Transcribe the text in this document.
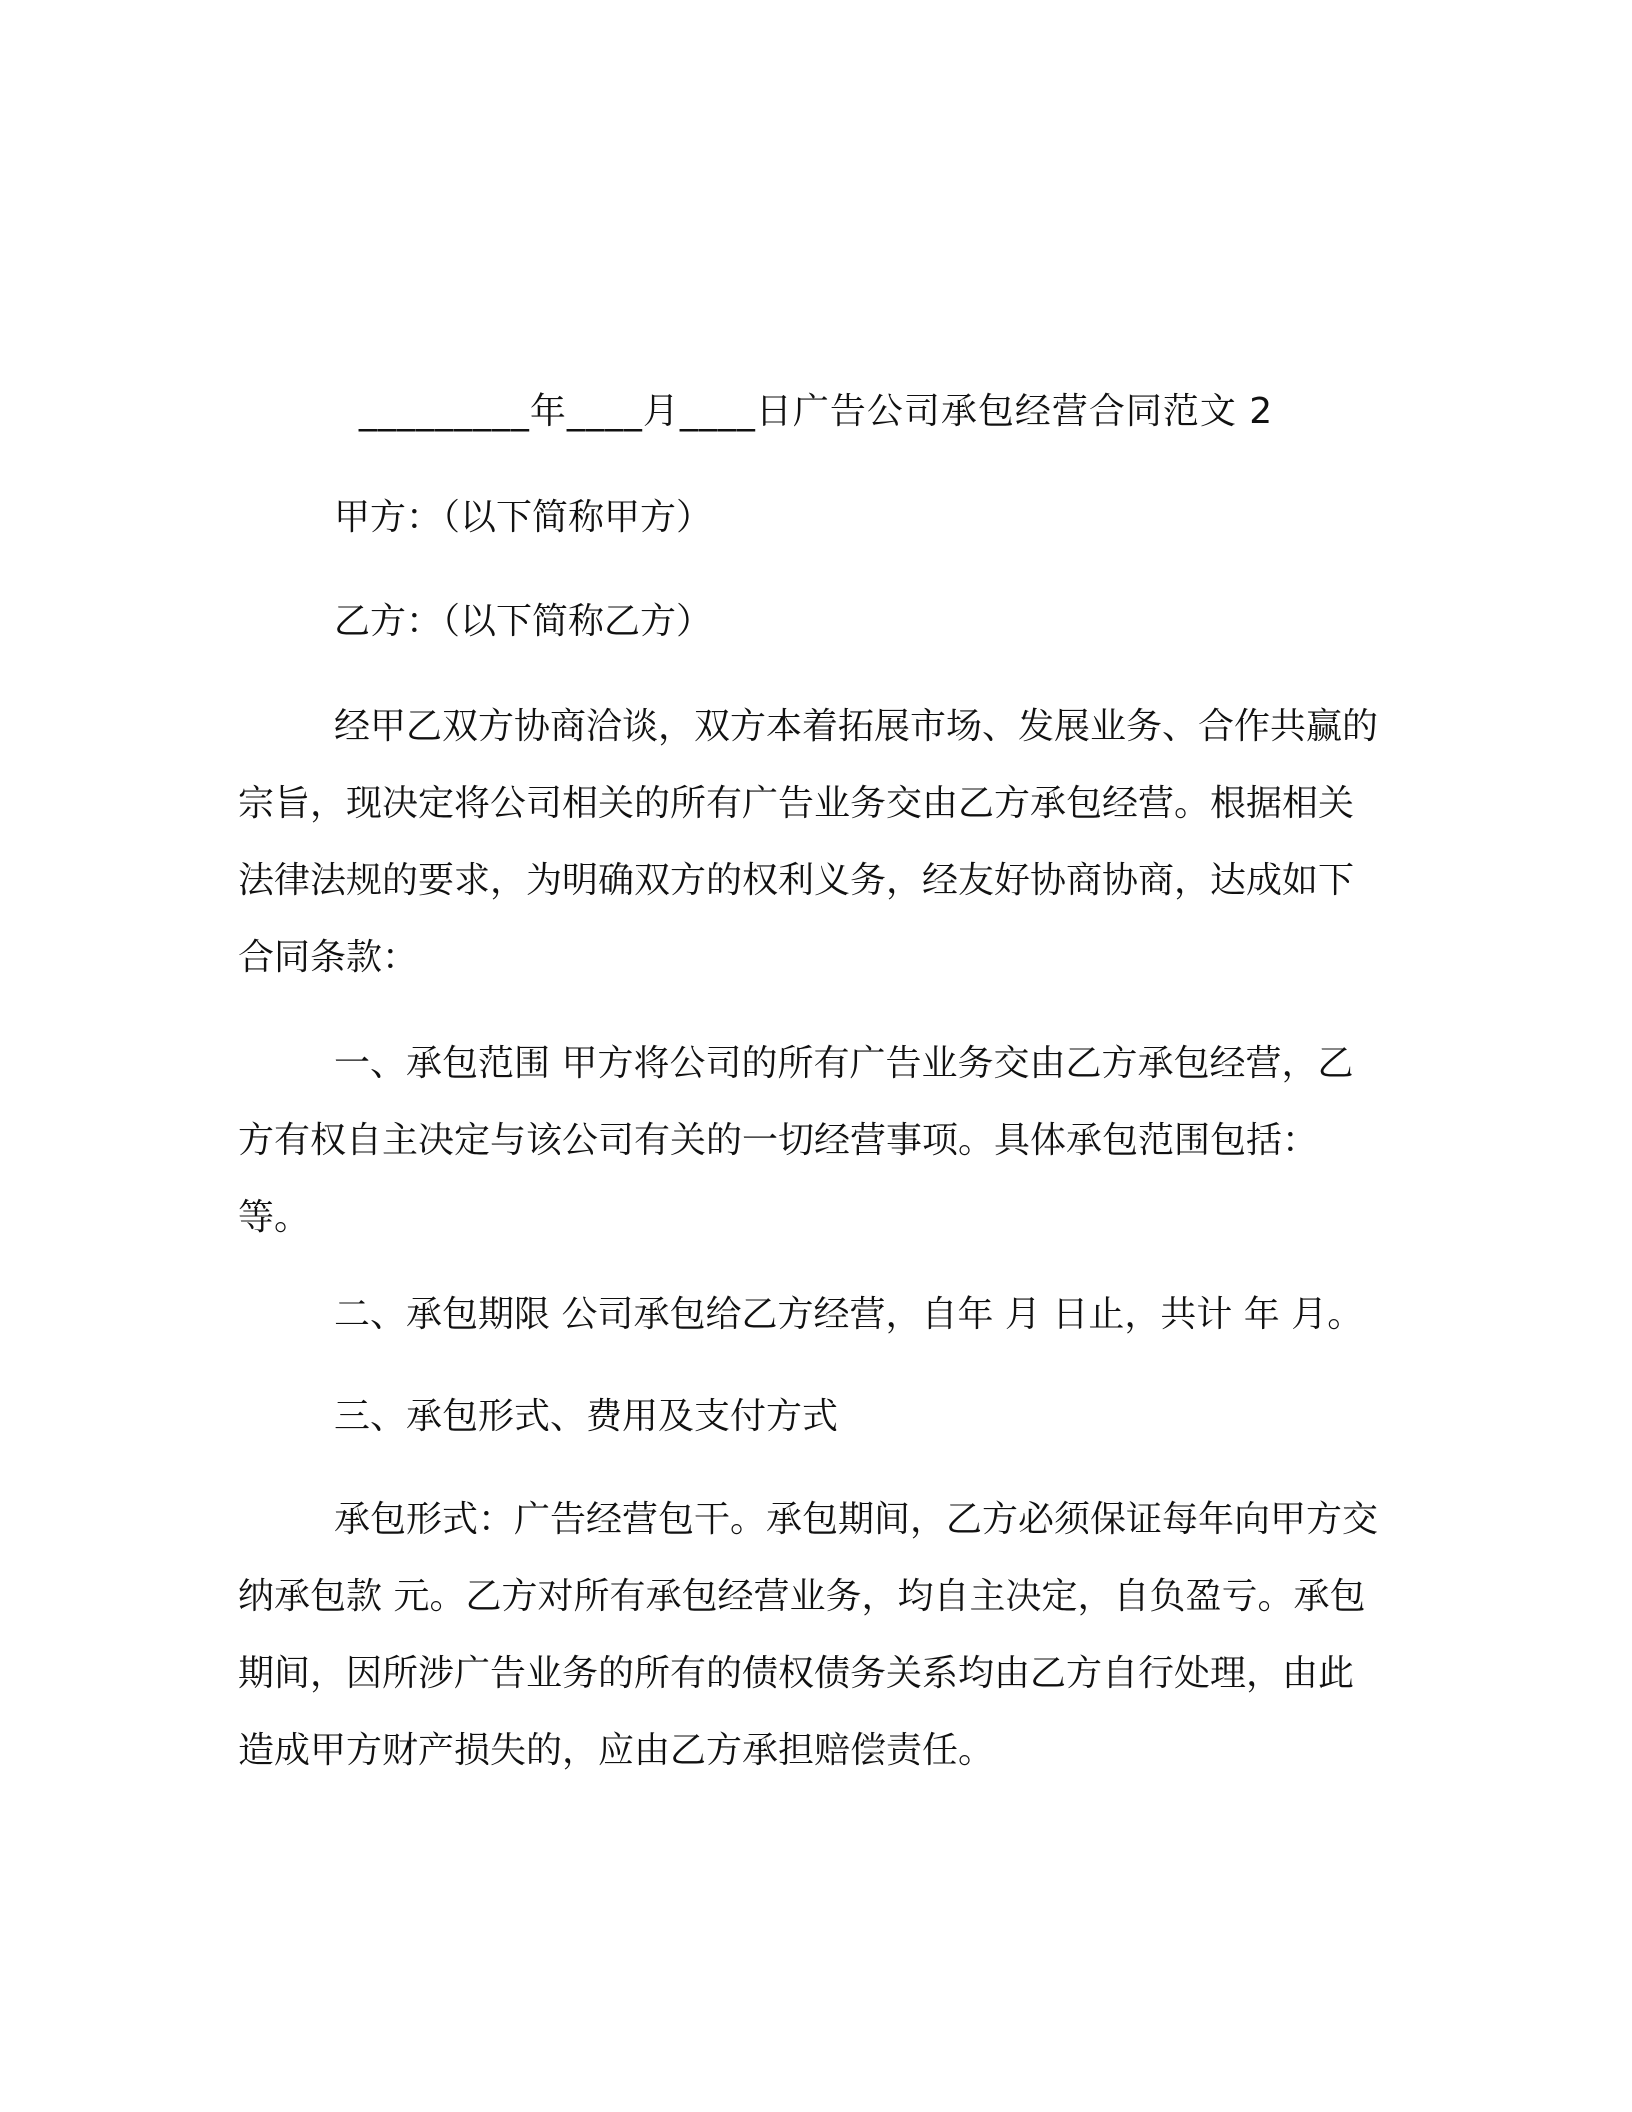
_________年____月____日广告公司承包经营合同范文 2
甲方：（以下简称甲方）
乙方：（以下简称乙方）

经甲乙双方协商洽谈，双方本着拓展市场、发展业务、合作共赢的宗旨，现决定将公司相关的所有广告业务交由乙方承包经营。根据相关法律法规的要求，为明确双方的权利义务，经友好协商协商，达成如下合同条款：

一、承包范围 甲方将公司的所有广告业务交由乙方承包经营，乙方有权自主决定与该公司有关的一切经营事项。具体承包范围包括：等。

二、承包期限 公司承包给乙方经营，自年 月 日止，共计 年 月。

三、承包形式、费用及支付方式

承包形式：广告经营包干。承包期间，乙方必须保证每年向甲方交纳承包款 元。乙方对所有承包经营业务，均自主决定，自负盈亏。承包期间，因所涉广告业务的所有的债权债务关系均由乙方自行处理，由此造成甲方财产损失的，应由乙方承担赔偿责任。
